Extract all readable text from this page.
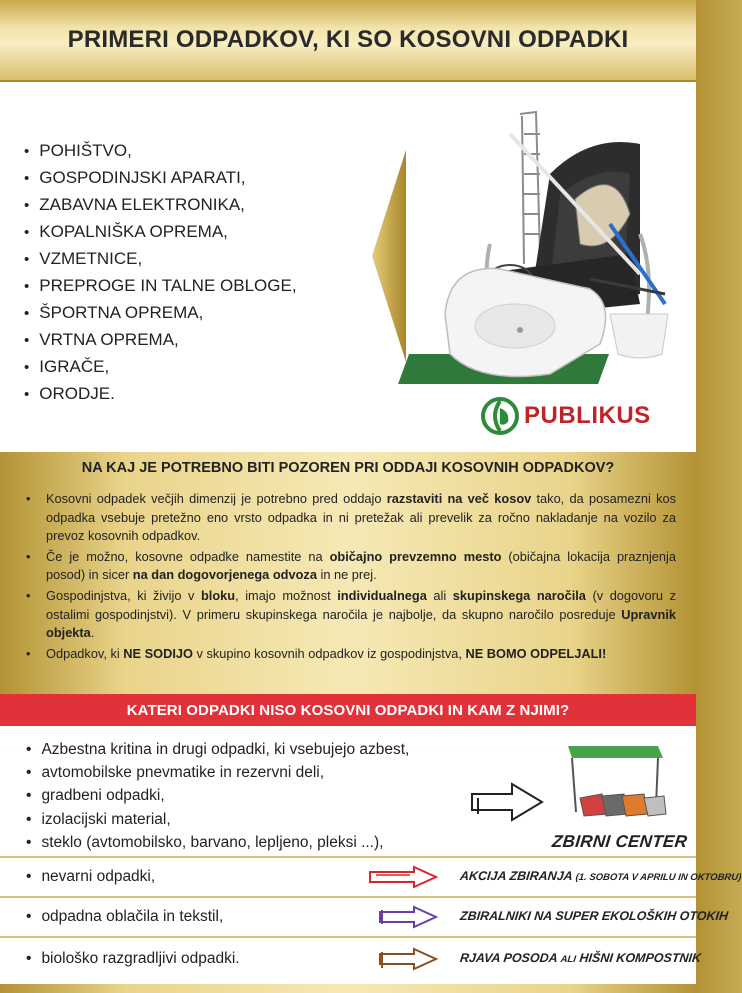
PRIMERI ODPADKOV, KI SO KOSOVNI ODPADKI
• POHIŠTVO,
• GOSPODINJSKI APARATI,
• ZABAVNA ELEKTRONIKA,
• KOPALNIŠKA OPREMA,
• VZMETNICE,
• PREPROGE IN TALNE OBLOGE,
• ŠPORTNA OPREMA,
• VRTNA OPREMA,
• IGRAČE,
• ORODJE.
PUBLIKUS
NA KAJ JE POTREBNO BITI POZOREN PRI ODDAJI KOSOVNIH ODPADKOV?
• Kosovni odpadek večjih dimenzij je potrebno pred oddajo razstaviti na več kosov tako, da posamezni kos odpadka vsebuje pretežno eno vrsto odpadka in ni pretežak ali prevelik za ročno nakladanje na vozilo za prevoz kosovnih odpadkov.
• Če je možno, kosovne odpadke namestite na običajno prevzemno mesto (običajna lokacija praznjenja posod) in sicer na dan dogovorjenega odvoza in ne prej.
• Gospodinjstva, ki živijo v bloku, imajo možnost individualnega ali skupinskega naročila (v dogovoru z ostalimi gospodinjstvi). V primeru skupinskega naročila je najbolje, da skupno naročilo posreduje Upravnik objekta.
• Odpadkov, ki NE SODIJO v skupino kosovnih odpadkov iz gospodinjstva, NE BOMO ODPELJALI!
KATERI ODPADKI NISO KOSOVNI ODPADKI IN KAM Z NJIMI?
• Azbestna kritina in drugi odpadki, ki vsebujejo azbest,
• avtomobilske pnevmatike in rezervni deli,
• gradbeni odpadki,
• izolacijski material,
• steklo (avtomobilsko, barvano, lepljeno, pleksi ...),	ZBIRNI CENTER
• nevarni odpadki,	AKCIJA ZBIRANJA (1. SOBOTA V APRILU IN OKTOBRU)
• odpadna oblačila in tekstil,	ZBIRALNIKI NA SUPER EKOLOŠKIH OTOKIH
• biološko razgradljivi odpadki.	RJAVA POSODA ALI HIŠNI KOMPOSTNIK
